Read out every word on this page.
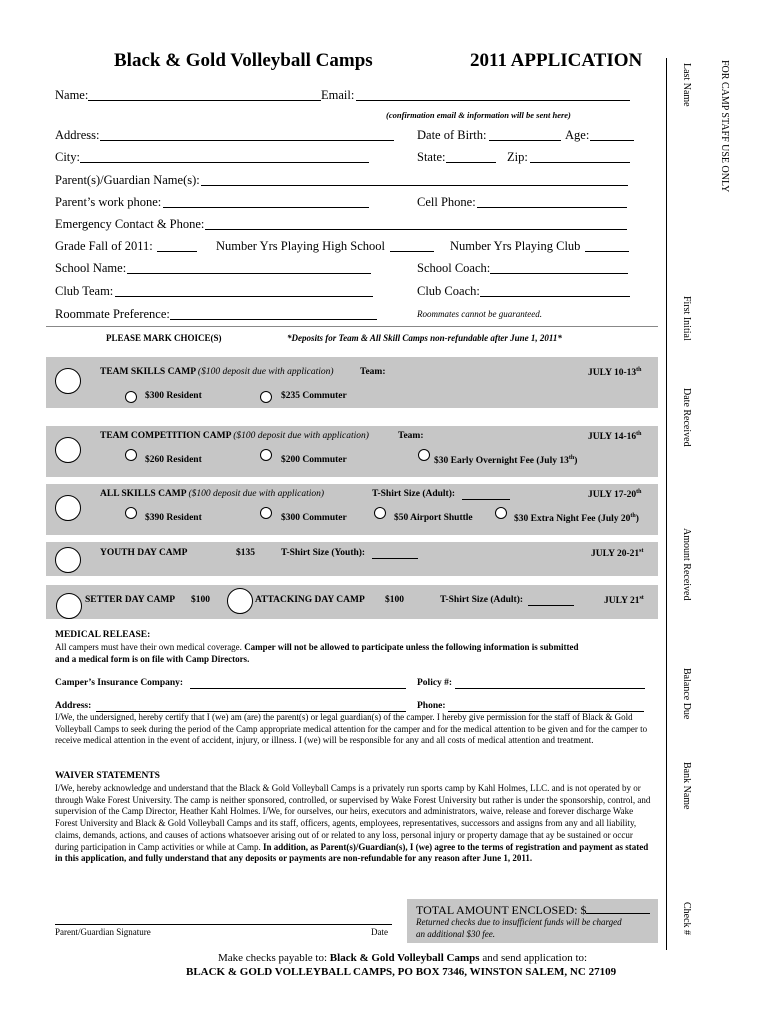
Black & Gold Volleyball Camps	2011 APPLICATION	FOR CAMP STAFF USE ONLY
Last Name
First Initial
Date Received
Amount Received
Balance Due
Bank Name
Check #
Name:	Email:
(confirmation email & information will be sent here)
Address:	Date of Birth:	Age:
City:	State:	Zip:
Parent(s)/Guardian Name(s):
Parent’s work phone:	Cell Phone:
Emergency Contact & Phone:
Grade Fall of 2011:	Number Yrs Playing High School	Number Yrs Playing Club
School Name:	School Coach:
Club Team:	Club Coach:
Roommate Preference:	Roommates cannot be guaranteed.
PLEASE MARK CHOICE(S)	*Deposits for Team & All Skill Camps non-refundable after June 1, 2011*
TEAM SKILLS CAMP ($100 deposit due with application)	Team:	JULY 10-13th
$300 Resident	$235 Commuter
TEAM COMPETITION CAMP ($100 deposit due with application)	Team:	JULY 14-16th
$260 Resident	$200 Commuter	$30 Early Overnight Fee (July 13th)
ALL SKILLS CAMP ($100 deposit due with application)	T-Shirt Size (Adult):	JULY 17-20th
$390 Resident	$300 Commuter	$50 Airport Shuttle	$30 Extra Night Fee (July 20th)
YOUTH DAY CAMP	$135	T-Shirt Size (Youth):	JULY 20-21st
SETTER DAY CAMP $100	ATTACKING DAY CAMP $100	T-Shirt Size (Adult):	JULY 21st
MEDICAL RELEASE:
All campers must have their own medical coverage. Camper will not be allowed to participate unless the following information is submitted
and a medical form is on file with Camp Directors.
Camper’s Insurance Company:	Policy #:
Address:	Phone:
I/We, the undersigned, hereby certify that I (we) am (are) the parent(s) or legal guardian(s) of the camper. I hereby give permission for the staff of Black & Gold Volleyball Camps to seek during the period of the Camp appropriate medical attention for the camper and for the medical attention to be given and for the camper to receive medical attention in the event of accident, injury, or illness. I (we) will be responsible for any and all costs of medical attention and treatment.
WAIVER STATEMENTS
I/We, hereby acknowledge and understand that the Black & Gold Volleyball Camps is a privately run sports camp by Kahl Holmes, LLC. and is not operated by or through Wake Forest University. The camp is neither sponsored, controlled, or supervised by Wake Forest University but rather is under the sponsorship, control, and supervision of the Camp Director, Heather Kahl Holmes. I/We, for ourselves, our heirs, executors and administrators, waive, release and forever discharge Wake Forest University and Black & Gold Volleyball Camps and its staff, officers, agents, employees, representatives, successors and assigns from any and all liability, claims, demands, actions, and causes of actions whatsoever arising out of or related to any loss, personal injury or property damage that ay be sustained or occur during participation in Camp activities or while at Camp. In addition, as Parent(s)/Guardian(s), I (we) agree to the terms of registration and payment as stated in this application, and fully understand that any deposits or payments are non-refundable for any reason after June 1, 2011.
Parent/Guardian Signature	Date
TOTAL AMOUNT ENCLOSED: $
Returned checks due to insufficient funds will be charged
an additional $30 fee.
Make checks payable to: Black & Gold Volleyball Camps and send application to:
BLACK & GOLD VOLLEYBALL CAMPS, PO BOX 7346, WINSTON SALEM, NC 27109
